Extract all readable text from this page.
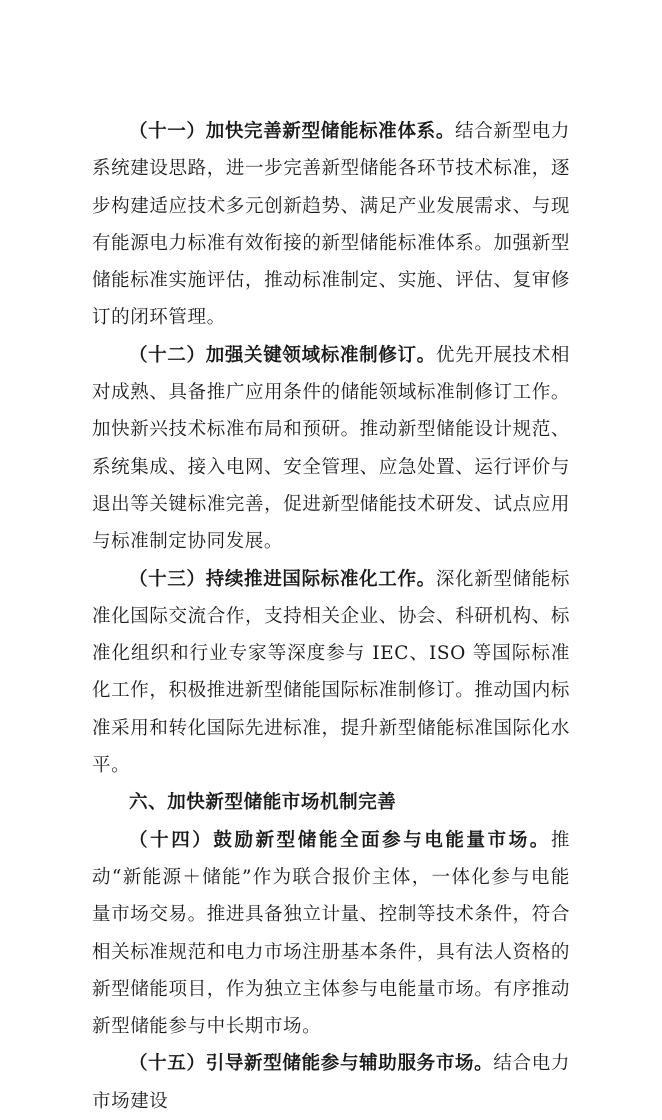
（十一）加快完善新型储能标准体系。结合新型电力系统建设思路，进一步完善新型储能各环节技术标准，逐步构建适应技术多元创新趋势、满足产业发展需求、与现有能源电力标准有效衔接的新型储能标准体系。加强新型储能标准实施评估，推动标准制定、实施、评估、复审修订的闭环管理。

（十二）加强关键领域标准制修订。优先开展技术相对成熟、具备推广应用条件的储能领域标准制修订工作。加快新兴技术标准布局和预研。推动新型储能设计规范、系统集成、接入电网、安全管理、应急处置、运行评价与退出等关键标准完善，促进新型储能技术研发、试点应用与标准制定协同发展。

（十三）持续推进国际标准化工作。深化新型储能标准化国际交流合作，支持相关企业、协会、科研机构、标准化组织和行业专家等深度参与 IEC、ISO 等国际标准化工作，积极推进新型储能国际标准制修订。推动国内标准采用和转化国际先进标准，提升新型储能标准国际化水平。

六、加快新型储能市场机制完善

（十四）鼓励新型储能全面参与电能量市场。推动“新能源＋储能”作为联合报价主体，一体化参与电能量市场交易。推进具备独立计量、控制等技术条件，符合相关标准规范和电力市场注册基本条件，具有法人资格的新型储能项目，作为独立主体参与电能量市场。有序推动新型储能参与中长期市场。

（十五）引导新型储能参与辅助服务市场。结合电力市场建设
